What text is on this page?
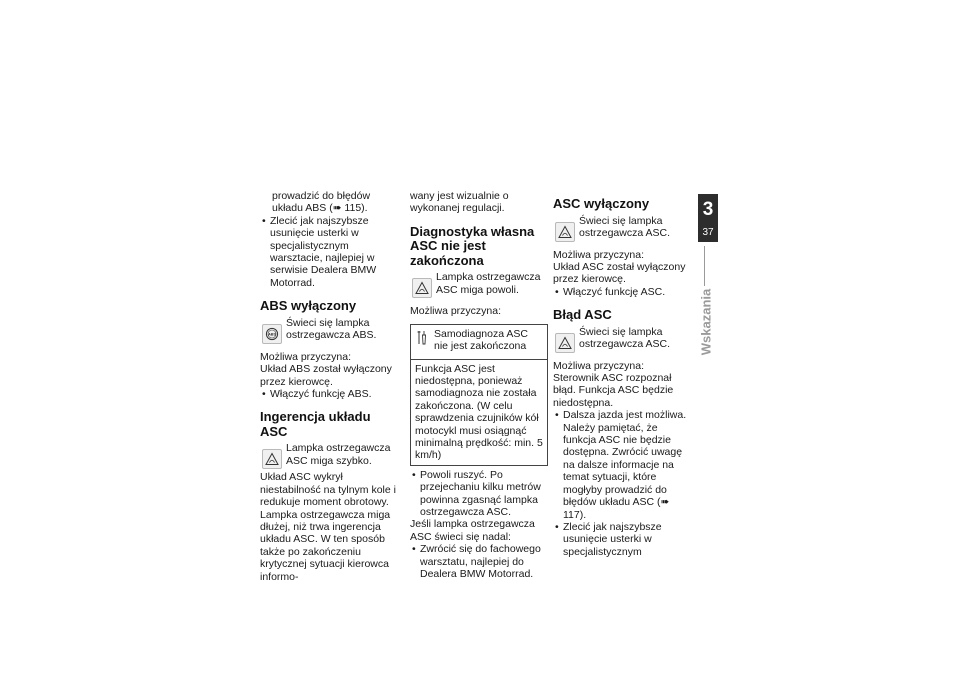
prowadzić do błędów układu ABS (➠ 115).

• Zlecić jak najszybsze usunięcie usterki w specjalistycznym warsztacie, najlepiej w serwisie Dealera BMW Motorrad.

ABS wyłączony
ABS
Świeci się lampka ostrzegawcza ABS.

Możliwa przyczyna:

Układ ABS został wyłączony przez kierowcę.

• Włączyć funkcję ABS.

Ingerencja układu ASC
Lampka ostrzegawcza ASC miga szybko.

Układ ASC wykrył niestabilność na tylnym kole i redukuje moment obrotowy. Lampka ostrzegawcza miga dłużej, niż trwa ingerencja układu ASC. W ten sposób także po zakończeniu krytycznej sytuacji kierowca informo-

wany jest wizualnie o wykonanej regulacji.

Diagnostyka własna ASC nie jest zakończona
Lampka ostrzegawcza ASC miga powoli.

Możliwa przyczyna:

Samodiagnoza ASC nie jest zakończona
Funkcja ASC jest niedostępna, ponieważ samodiagnoza nie została zakończona. (W celu sprawdzenia czujników kół motocykl musi osiągnąć minimalną prędkość: min. 5 km/h)

• Powoli ruszyć. Po przejechaniu kilku metrów powinna zgasnąć lampka ostrzegawcza ASC.

Jeśli lampka ostrzegawcza ASC świeci się nadal:

• Zwrócić się do fachowego warsztatu, najlepiej do Dealera BMW Motorrad.

ASC wyłączony
Świeci się lampka ostrzegawcza ASC.

Możliwa przyczyna:

Układ ASC został wyłączony przez kierowcę.

• Włączyć funkcję ASC.

Błąd ASC
Świeci się lampka ostrzegawcza ASC.

Możliwa przyczyna:

Sterownik ASC rozpoznał błąd. Funkcja ASC będzie niedostępna.

• Dalsza jazda jest możliwa. Należy pamiętać, że funkcja ASC nie będzie dostępna. Zwrócić uwagę na dalsze informacje na temat sytuacji, które mogłyby prowadzić do błędów układu ASC (➠ 117).

• Zlecić jak najszybsze usunięcie usterki w specjalistycznym

3
37
Wskazania
